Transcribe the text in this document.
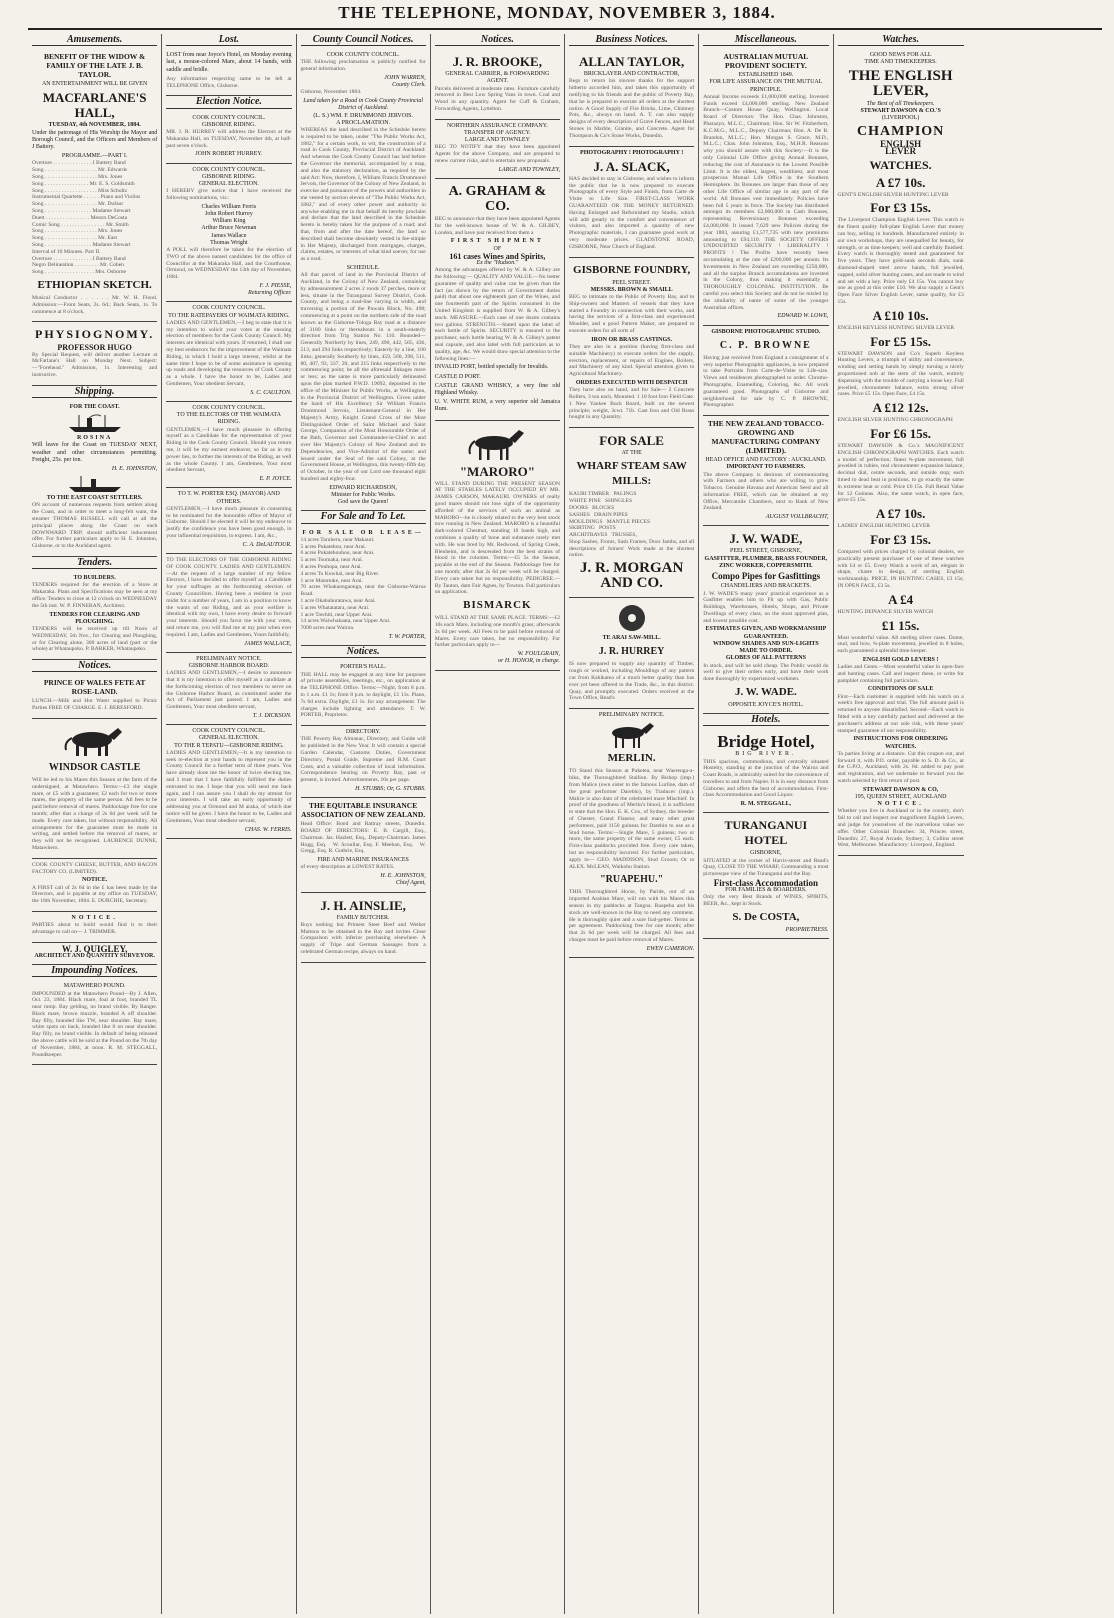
THE TELEPHONE, MONDAY, NOVEMBER 3, 1884.
Amusements.
BENEFIT OF THE WIDOW & FAMILY OF THE LATE J. B. TAYLOR.
AN ENTERTAINMENT WILL BE GIVEN
MACFARLANE'S HALL,
TUESDAY, 4th NOVEMBER, 1884.

Under the patronage of His Worship the Mayor and Borough Council, and the Officers and Members of J Battery.

PROGRAMME.—PART I.

Overture . . . . . . . . . . . . . . J Battery Band
Song . . . . . . . . . . . . . . . . . . . Mr. Edwards
Song . . . . . . . . . . . . . . . . . . . Mrs. Jones
Song . . . . . . . . . . . . . . . . Mr. E. S. Goldsmith
Song . . . . . . . . . . . . . . . . . . . Miss Schultz
Instrumental Quartette . . . . . . Piano and Violins
Song . . . . . . . . . . . . . . . . . . . Mr. Dufaur
Song . . . . . . . . . . . . . . . . . Madame Stewart
Duett . . . . . . . . . . . . . . . . Messrs DeCosta
Comic Song . . . . . . . . . . . . . . . . Mr. Smith
Song . . . . . . . . . . . . . . . . . . . Mrs. Jones
Song . . . . . . . . . . . . . . . . . . . Mr. East
Song . . . . . . . . . . . . . . . . . Madame Stewart
Interval of 10 Minutes. Part II.
Overture . . . . . . . . . . . . . . J Battery Band
Negro Delineation . . . . . . . . . Mr. Cohen
Song . . . . . . . . . . . . . . . . . . Mrs. Osborne

ETHIOPIAN SKETCH.

Musical Conductor . . . . . . Mr. W. H. Flood. Admission:—Front Seats, 2s. 6d.; Back Seats, 1s. To commence at 8 o'clock.

PHYSIOGNOMY.
PROFESSOR HUGO

By Special Request, will deliver another Lecture at McFarlane's Hall on Monday Next. Subject:—"Forehead." Admission, 1s. Interesting and instructive.

Shipping.
FOR THE COAST.
ROSINA

Will leave for the Coast on TUESDAY NEXT, weather and other circumstances permitting. Freight, 25s. per ton.

H. E. JOHNSTON,
TO THE EAST COAST SETTLERS.

ON account of numerous requests from settlers along the Coast, and in order to meet a long-felt want, the steamer THOMAS RUSSELL will call at all the principal places along the Coast on each DOWNWARD TRIP, should sufficient inducement offer. For further particulars apply to H. E. Johnston, Gisborne, or to the Auckland agent.

Tenders.
TO BUILDERS.

TENDERS required for the erection of a Store at Makaraka. Plans and Specifications may be seen at my office. Tenders to close at 12 o'clock on WEDNESDAY the 5th inst. W. P. FINNERAN, Architect.

TENDERS FOR CLEARING AND PLOUGHING.

TENDERS will be received up till Noon of WEDNESDAY, 5th Nov., for Clearing and Ploughing, or for Clearing alone, 300 acres of land (part or the whole) at Whataupoko. P. BARKER, Whataupoko.

Notices.
PRINCE OF WALES FETE AT ROSE-LAND.

LUNCH.—Milk and Hot Water supplied to Picnic Parties FREE OF CHARGE. E. J. BERESFORD.

WINDSOR CASTLE

Will be led to his Mares this Season at the farm of the undersigned, at Matawhero. Terms:—£3 the single mare, or £5 with a guarantee; £2 each for two or more mares, the property of the same person. All fees to be paid before removal of mares. Paddockage free for one month; after that a charge of 2s 6d per week will be made. Every care taken, but without responsibility. All arrangements for the guarantee must be made in writing, and settled before the removal of mares, or they will not be recognised. LAURENCE DUNNE, Matawhero.

COOK COUNTY CHEESE, BUTTER, AND BACON FACTORY CO. (LIMITED).

NOTICE.

A FIRST call of 2s 6d in the £ has been made by the Directors, and is payable at my office on TUESDAY, the 18th November, 1884. E. DURCHIE, Secretary.

NOTICE.

PARTIES about to build would find it to their advantage to call on— J. TRIMMER.

W. J. QUIGLEY,
ARCHITECT AND QUANTITY SURVEYOR.
Impounding Notices.
MATAWHERO POUND.

IMPOUNDED at the Matawhero Pound—By J. Allen, Oct. 23, 1884. Black mare, foal at foot, branded TL near rump. Bay gelding, no brand visible. By Ranger. Black mare, brown muzzle, branded A off shoulder. Bay filly, branded like TW, near shoulder. Bay mare, white spots on back, branded like 0 on near shoulder. Bay filly, no brand visible. In default of being released the above cattle will be sold at the Pound on the 7th day of November, 1884, at noon. R. M. STEGGALL, Poundkeeper.

Lost.

LOST from near Joyce's Hotel, on Monday evening last, a mouse-colored Mare, about 14 hands, with saddle and bridle.

Any information respecting same to be left at TELEPHONE Office, Gisborne.

Election Notice.
COOK COUNTY COUNCIL.
GISBORNE RIDING.

MR. J. R. HURREY will address the Electors at the Makaraka Hall, on TUESDAY, November 4th, at half-past seven o'clock.

JOHN ROBERT HURREY.
COOK COUNTY COUNCIL.
GISBORNE RIDING.
GENERAL ELECTION.

I HEREBY give notice that I have received the following nominations, viz.:

Charles William Ferris
John Robert Hurrey
William King
Arthur Bruce Newman
James Wallace
Thomas Wright

A POLL will therefore be taken for the election of TWO of the above named candidates for the office of Councillor at the Makaraka Hall, and the Courthouse, Ormond, on WEDNESDAY the 13th day of November, 1884.

F. J. PIESSE,
Returning Officer.
COOK COUNTY COUNCIL.
TO THE RATEPAYERS OF WAIMATA RIDING.

LADIES AND GENTLEMEN,—I beg to state that it is my intention to solicit your votes at the ensuing election of members for the Cook County Council. My interests are identical with yours. If returned, I shall use my best endeavors for the improvement of the Waimata Riding, in which I hold a large interest, whilst at the same time I hope to be of some assistance in opening up roads and developing the resources of Cook County as a whole. I have the honor to be, Ladies and Gentlemen, Your obedient Servant,

S. C. CAULTON.
COOK COUNTY COUNCIL.
TO THE ELECTORS OF THE WAIMATA RIDING.

GENTLEMEN,—I have much pleasure in offering myself as a Candidate for the representation of your Riding in the Cook County Council. Should you return me, it will be my earnest endeavor, so far as in my power lies, to further the interests of the Riding, as well as the whole County. I am, Gentlemen, Your most obedient Servant,

E. P. JOYCE.
TO T. W. PORTER ESQ. (MAYOR) AND OTHERS.

GENTLEMEN,—I have much pleasure in consenting to be nominated for the honorable office of Mayor of Gisborne. Should I be elected it will be my endeavor to justify the confidence you have been good enough, in your influential requisition, to express. I am, &c.,

C. A. DeLAUTOUR.

TO THE ELECTORS OF THE GISBORNE RIDING OF COOK COUNTY. LADIES AND GENTLEMEN.—At the request of a large number of my fellow Electors, I have decided to offer myself as a Candidate for your suffrages at the forthcoming election of County Councillors. Having been a resident in your midst for a number of years, I am in a position to know the wants of our Riding, and as your welfare is identical with my own, I have every desire to forward your interests. Should you favor me with your votes, and return me, you will find me at my post when ever required. I am, Ladies and Gentlemen, Yours faithfully,

JAMES WALLACE,
PRELIMINARY NOTICE.
GISBORNE HARBOR BOARD.

LADIES AND GENTLEMEN,—I desire to announce that it is my intention to offer myself as a candidate at the forthcoming election of two members to serve on the Gisborne Harbor Board, as constituted under the Act of Parliament just passed. I am, Ladies and Gentlemen, Your most obedient servant,

T. J. DICKSON.
COOK COUNTY COUNCIL.
GENERAL ELECTION.
TO THE R TEPATU—GISBORNE RIDING.

LADIES AND GENTLEMEN,—It is my intention to seek re-election at your hands to represent you in the County Council for a further term of three years. You have already done me the honor of twice electing me, and I trust that I have faithfully fulfilled the duties entrusted to me. I hope that you will send me back again, and I can assure you I shall do my utmost for your interests. I will take an early opportunity of addressing you at Ormond and M araka, of which due notice will be given. I have the honor to be, Ladies and Gentlemen, Your most obedient servant,

CHAS. W. FERRIS.
County Council Notices.
COOK COUNTY COUNCIL.

THE following proclamation is publicly notified for general information.

JOHN WARREN,
County Clerk.

Gisborne, November 1884.

Land taken for a Road in Cook County Provincial District of Auckland.
(L. S.) WM. F. DRUMMOND JERVOIS.
A PROCLAMATION.

WHEREAS the land described in the Schedule hereto is required to be taken, under "The Public Works Act, 1882," for a certain work, to wit, the construction of a road in Cook County, Provincial District of Auckland: And whereas the Cook County Council has laid before the Governor the memorial, accompanied by a map, and also the statutory declaration, as required by the said Act: Now, therefore, I, William Francis Drummond Jervois, the Governor of the Colony of New Zealand, in exercise and pursuance of the powers and authorities in me vested by section eleven of "The Public Works Act, 1882," and of every other power and authority in anywise enabling me in that behalf do hereby proclaim and declare that the land described in the Schedule hereto is hereby taken for the purpose of a road; and that, from and after the date hereof, the land so described shall become absolutely vested in fee-simple in Her Majesty, discharged from mortgages, charges, claims, estates, or interests of what kind soever, for use as a road.

SCHEDULE.

All that parcel of land in the Provincial District of Auckland, in the Colony of New Zealand, containing by admeasurement 2 acres 2 roods 37 perches, more or less, situate in the Turanganui Survey District, Cook County, and being a road-line varying in width, and traversing a portion of the Puwaiu Block, No. 498; commencing at a point on the northern side of the road known as the Gisborne-Tologa Bay road at a distance of 3180 links or thereabouts in a south-easterly direction from Trig Station No. 110. Bounded—Generally Northerly by lines, 249, 490, 442, 565, 436, 513, and 294 links respectively; Easterly by a line, 100 links; generally Southerly by lines, 459, 560, 398, 511, 80, 407, 93, 337, 20, and 215 links respectively to the commencing point; be all the aforesaid linkages more or less; as the same is more particularly delineated upon the plan marked P.W.D. 19092, deposited in the office of the Minister for Public Works, at Wellington, in the Provincial District of Wellington. Given under the hand of His Excellency Sir William Francis Drummond Jervois, Lieutenant-General in Her Majesty's Army, Knight Grand Cross of the Most Distinguished Order of Saint Michael and Saint George, Companion of the Most Honourable Order of the Bath, Governor and Commander-in-Chief in and over Her Majesty's Colony of New Zealand and its Dependencies, and Vice-Admiral of the same; and issued under the Seal of the said Colony, at the Government House, at Wellington, this twenty-fifth day of October, in the year of our Lord one thousand eight hundred and eighty-four.

EDWARD RICHARDSON,
Minister for Public Works.
God save the Queen!
For Sale and To Let.
FOR SALE OR LEASE—

14 acres Taruheru, near Makauri.
5 acres Pukatehou, near Arai.
6 acres Pukatehouhou, near Arai.
5 acres Toomaka, near Arai.
6 acres Pouhopa, near Arai.
4 acres To Kowhai, near Big River.
1 acre Manutuke, near Arai.
70 acres Whakaongaonga, near the Gisborne-Wairoa Road.
1 acre Okahuhuratawa, near Arai.
5 acres Whatatatara, near Arai.
1 acre Tawhiti, near Upper Arai.
14 acres Waiwhakaata, near Upper Arai.
7000 acres near Wairoa.

T. W. PORTER,
Notices.
PORTER'S HALL.

THE HALL may be engaged at any time for purposes of private assemblies, meetings, etc., on application at the TELEPHONE Office. Terms:—Night, from 8 p.m. to 1 a.m. £1 1s; from 8 p.m. to daylight, £1 11s. Piano, 7s 6d extra. Daylight, £1 1s. for any arrangement. The charges include lighting and attendance. T. W. PORTER, Proprietor.

DIRECTORY.

THE Poverty Bay Almanac, Directory, and Guide will be published in the New Year. It will contain a special Garden Calendar, Customs Duties, Government Directory, Postal Guide, Supreme and R.M. Court Costs, and a valuable collection of local information. Correspondence bearing on Poverty Bay, past or present, is invited. Advertisements, 10s per page.

H. STUBBS; Or, G. STUBBS.
THE EQUITABLE INSURANCE ASSOCIATION OF NEW ZEALAND.

Head Office: Bond and Rattray streets, Dunedin. BOARD OF DIRECTORS: E. B. Cargill, Esq., Chairman. Jas. Hazlett, Esq., Deputy-Chairman. James Hogg, Esq.   W. Scoullar, Esq. F. Meehan, Esq.   W. Gregg, Esq. R. Guthrie, Esq.

FIRE AND MARINE INSURANCES

of every description at LOWEST RATES.

H. E. JOHNSTON,
Chief Agent,
J. H. AINSLIE,
FAMILY BUTCHER.

Buys nothing but Primest Steer Beef and Wether Muttons to be obtained in the Bay and invites Close Comparison with inferior purchasing elsewhere. A supply of Tripe and German Sausages from a celebrated German recipe, always on hand.

Notices.
J. R. BROOKE,
GENERAL CARRIER, & FORWARDING AGENT.

Parcels delivered at moderate rates. Furniture carefully removed in Best Low Spring Vans in town. Coal and Wood in any quantity. Agent for Cuff & Graham, Forwarding Agents, Lyttelton.

NORTHERN ASSURANCE COMPANY.
TRANSFER OF AGENCY.
LARGE AND TOWNLEY

BEG TO NOTIFY that they have been appointed Agents for the above Company, and are prepared to renew current risks, and to entertain new proposals.

LARGE AND TOWNLEY,
A. GRAHAM & CO.

BEG to announce that they have been appointed Agents for the well-known house of W. & A. GILBEY, London, and have just received from them a

FIRST SHIPMENT
OF
161 cases Wines and Spirits,
Ex the "Hudson."

Among the advantages offered by W. & A. Gilbey are the following:— QUALITY AND VALUE.—No better guarantee of quality and value can be given than the fact (as shown by the return of Government duties paid) that about one eighteenth part of the Wines, and one fourteenth part of the Spirits consumed in the United Kingdom is supplied from W. & A. Gilbey's stock. MEASURE.—Each case of one dozen contains two gallons. STRENGTH.—Stated upon the label of each bottle of Spirits. SECURITY is ensured to the purchaser, each bottle bearing W. & A. Gilbey's patent seal capsule, and also label with full particulars as to quality, age, &c. We would draw special attention to the following lines:—

INVALID PORT, bottled specially for Invalids.

CASTLE D PORT.

CASTLE GRAND WHISKY, a very fine old Highland Whisky.

U. V. WHITE RUM, a very superior old Jamaica Rum.

"MARORO"

WILL STAND DURING THE PRESENT SEASON AT THE STABLES LATELY OCCUPIED BY MR. JAMES CARSON, MAKAURI. OWNERS of really good mares should not lose sight of the opportunity afforded of the services of such an animal as MARORO—he is closely related to the very best stock now running in New Zealand. MARORO is a beautiful dark-colored Chestnut, standing 16 hands high, and combines a quality of bone and substance rarely met with. He was bred by Mr. Redwood, of Spring Creek, Blenheim, and is descended from the best strains of blood in the colonies. Terms:—£5 5s the Season, payable at the end of the Season. Paddockage free for one month; after that 2s 6d per week will be charged. Every care taken but no responsibility. PEDIGREE.—By Tauton, dam Fair Agnes, by Towton. Full particulars on application.

BISMARCK

WILL STAND AT THE SAME PLACE. TERMS:—£2 10s each Mare, including one month's grass; afterwards 2s 6d per week. All Fees to be paid before removal of Mares. Every care taken, but no responsibility. For further particulars apply to—

W. FOULGRAIN,
or H. HONOR, in charge.
Business Notices.
ALLAN TAYLOR,
BRICKLAYER AND CONTRACTOR,

Begs to return his sincere thanks for the support hitherto accorded him, and takes this opportunity of notifying to his friends and the public of Poverty Bay, that he is prepared to execute all orders at the shortest notice. A Good Supply of Fire Bricks, Lime, Chimney Pots, &c., always on hand. A. T. can also supply designs of every description of Grave Fences, and Head Stones in Marble, Granite, and Concrete. Agent for Thompson & Co's Stone Works, Dunedin.

PHOTOGRAPHY ! PHOTOGRAPHY !
J. A. SLACK,

HAS decided to stay in Gisborne, and wishes to inform the public that he is now prepared to execute Photographs of every Style and Finish, from Carte de Visite to Life Size. FIRST-CLASS WORK GUARANTEED OR THE MONEY RETURNED. Having Enlarged and Refurnished my Studio, which will add greatly to the comfort and convenience of visitors, and also imported a quantity of new Photographic materials, I can guarantee good work at very moderate prices. GLADSTONE ROAD, GISBORNE, Near Church of England.

GISBORNE FOUNDRY,
PEEL STREET.
MESSRS. BROWN & SMAILL

BEG to intimate to the Public of Poverty Bay, and to Ship-owners and Masters of vessels that they have started a Foundry in connection with their works, and having the services of a first-class and experienced Moulder, and a good Pattern Maker, are prepared to execute orders for all sorts of

IRON OR BRASS CASTINGS.

They are also in a position (having first-class and suitable Machinery) to execute orders for the supply, erection, replacement, or repairs of Engines, Boilers, and Machinery of any kind. Special attention given to Agricultural Machinery.

ORDERS EXECUTED WITH DESPATCH

They have also on hand, and for Sale— 2 Concrete Rollers, 3 ton each, Mounted. 1 10 foot Iron Field Gate. 1 New Yankee Buck Board, built on the newest principle; weight, 3cwt. 71b. Cast Iron and Old Brass bought in any Quantity.

FOR SALE
AT THE
WHARF STEAM SAW MILLS:

KAURI TIMBER   PALINGS
WHITE PINE   SHINGLES
DOORS   BLOCKS
SASHES   DRAIN PIPES
MOULDINGS   MANTLE PIECES
SKIRTING   POSTS
ARCHITRAVES   TRUSSES,
Shop Sashes, Fronts, Sash Frames, Door Jambs, and all descriptions of Joiners' Work made at the shortest notice.

J. R. MORGAN AND CO.
TE ARAI SAW-MILL.
J. R. HURREY

IS now prepared to supply any quantity of Timber, rough or worked, including Mouldings of any pattern cut from Kahikatea of a much better quality than has ever yet been offered to the Trade, &c., in this district. Quay, and promptly executed. Orders received at the Town Office, Read's

PRELIMINARY NOTICE.
MERLIN.

TO Stand this Season at Puketea, near Waerenga-a-hika, the Thoroughbred Stallion. By Bishop (imp.) from Malice (own sister to the famous Lurline, dam of the great performer Darebin), by Traducer (imp.). Malice is also dam of the celebrated mare Mischief. In proof of the goodness of Merlin's blood, it is sufficient to state that the Hon. E. K. Cox, of Sydney, the breeder of Chester, Grand Flaneur, and many other great performers, paid 1150 guineas for Darebin to use as a Stud horse. Terms:—Single Mare, 5 guineas; two or more, the same property of the same owner, £5 each. First-class paddocks provided free. Every care taken, but no responsibility incurred. For further particulars, apply to— GEO. MADDISON, Stud Groom; Or to ALEX. McLEAN, Waikohu Station.

"RUAPEHU."

THIS Thoroughbred Horse, by Paride, out of an imported Arabian Mare, will run with his Mares this season in my paddocks at Tangoa. Ruapeha and his stock are well-known in the Bay to need any comment. He is thoroughly quiet and a sure foal-getter. Terms as per agreement. Paddocking free for one month; after that 2s 6d per week will be charged. All fees and charges must be paid before removal of Mares.

EWEN CAMERON.
Miscellaneous.
AUSTRALIAN MUTUAL PROVIDENT SOCIETY.
ESTABLISHED 1849.
FOR LIFE ASSURANCE ON THE MUTUAL PRINCIPLE.

Annual Income exceeds £1,000,000 sterling. Invested Funds exceed £4,000,000 sterling. New Zealand Branch—Custom House Quay, Wellington. Local Board of Directors: The Hon. Chas. Johnston, Pharazyn, M.L.C., Chairman; Hon. Sir W. Fitzherbert, K.C.M.G., M.L.C., Deputy Chairman; Hon. A. De B. Brandon, M.L.C.; Hon. Morgan S. Grace, M.D., M.L.C.; Chas. John Johnston, Esq., M.H.R. Reasons why you should assure with this Society:—It is the only Colonial Life Office giving Annual Bonuses, reducing the cost of Assurance to the Lowest Possible Limit. It is the oldest, largest, wealthiest, and most prosperous Mutual Life Office in the Southern Hemisphere. Its Bonuses are larger than those of any other Life Office of similar age in any part of the world. All Bonuses vest immediately. Policies have been full 5 years in force. The Society has distributed amongst its members £2,000,000 in Cash Bonuses, representing Reversionary Bonuses exceeding £4,000,000. It issued 7,629 new Policies during the year 1883, assuring £1,577,735 with new premiums amounting to £94,110. THE SOCIETY OFFERS UNDOUBTED SECURITY ! LIBERALITY ! PROFITS ! The Profits have recently been accumulating at the rate of £200,000 per annum. Its Investments in New Zealand are exceeding £250,000, and all the surplus Branch accumulations are invested in the Colony, thus making it essentially a THOROUGHLY COLONIAL INSTITUTION. Be careful you select this Society and do not be misled by the similarity of name of some of the younger Australian offices.

EDWARD W. LOWE,
GISBORNE PHOTOGRAPHIC STUDIO.
C. P. BROWNE

Having just received from England a consignment of a very superior Photographic appliances, is now prepared to take Portraits from Carte-de-Visite to Life-size. Views and residences photographed to order. Chromo-Photographs, Enamelling, Coloring, &c. All work guaranteed good. Photographs of Gisborne and neighborhood for sale by C. P. BROWNE, Photographer.

THE NEW ZEALAND TOBACCO-GROWING AND MANUFACTURING COMPANY (LIMITED).
HEAD OFFICE AND FACTORY : AUCKLAND.
IMPORTANT TO FARMERS.

The above Company is desirous of communicating with Farmers and others who are willing to grow Tobacco. Genuine Havana and American Seed and all information FREE, which can be obtained at my Office, Mercantile Chambers, next to Bank of New Zealand.

AUGUST VOLLBRACHT,
J. W. WADE,
PEEL STREET, GISBORNE,
GASFITTER, PLUMBER, BRASS FOUNDER, ZINC WORKER, COPPERSMITH.
Compo Pipes for Gasfittings
CHANDELIERS AND BRACKETS.

J. W. WADE'S many years' practical experience as a Gasfitter enables him to Fit up with Gas, Public Buildings, Warehouses, Hotels, Shops, and Private Dwellings of every class, on the most approved plan, and lowest possible cost.

ESTIMATES GIVEN, AND WORKMANSHIP GUARANTEED.
WINDOW SHADES AND SUN-LIGHTS MADE TO ORDER.
GLOBES OF ALL PATTERNS

In stock, and will be sold cheap. The Public would do well to give their orders early, and have their work done thoroughly by experienced workmen.

J. W. WADE.
OPPOSITE JOYCE'S HOTEL.
Hotels.
Bridge Hotel,
BIG RIVER.

THIS spacious, commodious, and centrally situated Hostelry, standing at the junction of the Wairoa and Coast Roads, is admirably suited for the convenience of travellers to and from Napier. It is in easy distance from Gisborne, and offers the best of accommodation. First-class Accommodation and Good Liquor.

R. M. STEGGALL,
TURANGANUI HOTEL
GISBORNE,

SITUATED at the corner of Harris-street and Read's Quay, CLOSE TO THE WHARF, Commanding a most picturesque view of the Turanganui and the Bay.

First-class Accommodation
FOR FAMILIES & BOARDERS.

Only the very Best Brands of WINES, SPIRITS, BEER, &c., kept in Stock.

S. De COSTA,
PROPRIETRESS.
Watches.
GOOD NEWS FOR ALL
TIME AND TIMEKEEPERS.
THE ENGLISH LEVER,
The Best of all Timekeepers.
STEWART DAWSON & CO.'S
(LIVERPOOL)
CHAMPION
ENGLISH
LEVER
WATCHES.
A £7 10s.

GENT'S ENGLISH SILVER HUNTING LEVER

For £3 15s.

The Liverpool Champion English Lever. This watch is the finest quality full-plate English Lever that money can buy, selling in hundreds. Manufactured entirely in our own workshops, they are unequalled for beauty, for strength, or as time keepers; well and carefully finished. Every watch is thoroughly tested and guaranteed for five years. They have gold-sunk seconds dials, sunk diamond-shaped steel arrow hands, full jewelled, capped, solid silver hunting cases, and are made to wind and set with a key. Price only £4 15s. You cannot buy one as good at this order £10. We also supply a Gent's Open Face Silver English Lever, same quality, for £3 15s.

A £10 10s.

ENGLISH KEYLESS HUNTING SILVER LEVER

For £5 15s.

STEWART DAWSON and Co's Superb Keyless Hunting Levers, a triumph of utility and convenience, winding and setting hands by simply turning a nicely proportioned nob at the stem of the watch, entirely dispensing with the trouble of carrying a loose key. Full jewelled, chronometer balance, extra strong silver cases. Price £5 15s. Open Face, £4 15s.

A £12 12s.

ENGLISH SILVER HUNTING CHRONOGRAPH

For £6 15s.

STEWART DAWSON & Co.'s MAGNIFICENT ENGLISH CHRONOGRAPH WATCHES. Each watch a model of perfection; finest ¾-plate movement, full jewelled in rubies, real chronometer expansion balance, decimal dial, centre seconds, and outside stop; each timed to dead beat in positions, to go exactly the same in extreme heat or cold. Price £6 15s. Full Retail Value for 12 Guineas. Also, the same watch, in open face, price £5 15s.

A £7 10s.

LADIES' ENGLISH HUNTING LEVER

For £3 15s.

Compared with prices charged by colonial dealers, we practically present purchaser of one of these watches with £4 or £5. Every Watch a work of art, elegant in shape, chaste in design, of sterling English workmanship. PRICE, IN HUNTING CASES, £3 15s; IN OPEN FACE, £3 5s.

A £4

HUNTING DEPIANCE SILVER WATCH

£1 15s.

Most wonderful value. All sterling silver cases. Dome, stud, and bow, ¾-plate movement, jewelled in 8 holes, each guaranteed a splendid time-keeper.

ENGLISH GOLD LEVERS !

Ladies and Gents.—Most wonderful value in open-face and hunting cases. Call and inspect these, or write for pamphlet containing full particulars.

CONDITIONS OF SALE

First—Each customer is supplied with his watch on a week's free approval and trial. The full amount paid is returned to anyone dissatisfied. Second—Each watch is fitted with a key carefully packed and delivered at the purchaser's address at our sole risk, with these years' stamped guarantee of our responsibility.

INSTRUCTIONS FOR ORDERING WATCHES.

To parties living at a distance. Cut this coupon out, and forward it, with P.O. order, payable to S. D. & Co., at the G.P.O., Auckland, with 2s. 6d. added to pay post and registration, and we undertake to forward you the watch selected by first return of post.

STEWART DAWSON & CO,
195, QUEEN STREET, AUCKLAND
NOTICE.

Whether you live in Auckland or in the country, don't fail to call and inspect our magnificent English Levers, and judge for yourselves of the marvellous value we offer. Other Colonial Branches: 34, Princes street, Dunedin; 27, Royal Arcade, Sydney; 3, Collins street West, Melbourne. Manufactory: Liverpool, England.
